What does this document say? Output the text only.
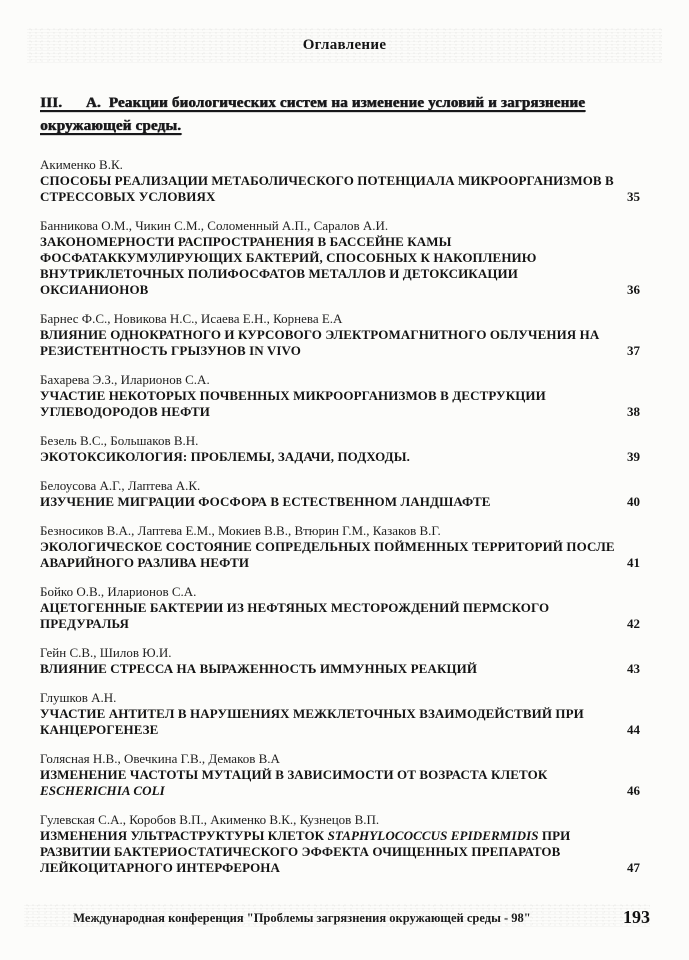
Оглавление
III.      А.  Реакции биологических систем на изменение условий и загрязнение окружающей среды.
Акименко В.К.
СПОСОБЫ РЕАЛИЗАЦИИ МЕТАБОЛИЧЕСКОГО ПОТЕНЦИАЛА МИКРООРГАНИЗМОВ В
СТРЕССОВЫХ УСЛОВИЯХ	35
Банникова О.М., Чикин С.М., Соломенный А.П., Саралов А.И.
ЗАКОНОМЕРНОСТИ РАСПРОСТРАНЕНИЯ В БАССЕЙНЕ КАМЫ
ФОСФАТАККУМУЛИРУЮЩИХ БАКТЕРИЙ, СПОСОБНЫХ К НАКОПЛЕНИЮ
ВНУТРИКЛЕТОЧНЫХ ПОЛИФОСФАТОВ МЕТАЛЛОВ И ДЕТОКСИКАЦИИ
ОКСИАНИОНОВ	36
Барнес Ф.С., Новикова Н.С., Исаева Е.Н., Корнева Е.А
ВЛИЯНИЕ ОДНОКРАТНОГО И КУРСОВОГО ЭЛЕКТРОМАГНИТНОГО ОБЛУЧЕНИЯ НА
РЕЗИСТЕНТНОСТЬ ГРЫЗУНОВ IN VIVO	37
Бахарева Э.З., Иларионов С.А.
УЧАСТИЕ НЕКОТОРЫХ ПОЧВЕННЫХ МИКРООРГАНИЗМОВ В ДЕСТРУКЦИИ
УГЛЕВОДОРОДОВ НЕФТИ	38
Безель В.С., Большаков В.Н.
ЭКОТОКСИКОЛОГИЯ: ПРОБЛЕМЫ, ЗАДАЧИ, ПОДХОДЫ.	39
Белоусова А.Г., Лаптева А.К.
ИЗУЧЕНИЕ МИГРАЦИИ ФОСФОРА В ЕСТЕСТВЕННОМ ЛАНДШАФТЕ	40
Безносиков В.А., Лаптева Е.М., Мокиев В.В., Втюрин Г.М., Казаков В.Г.
ЭКОЛОГИЧЕСКОЕ СОСТОЯНИЕ СОПРЕДЕЛЬНЫХ ПОЙМЕННЫХ ТЕРРИТОРИЙ ПОСЛЕ
АВАРИЙНОГО РАЗЛИВА НЕФТИ	41
Бойко О.В., Иларионов С.А.
АЦЕТОГЕННЫЕ БАКТЕРИИ ИЗ НЕФТЯНЫХ МЕСТОРОЖДЕНИЙ ПЕРМСКОГО
ПРЕДУРАЛЬЯ	42
Гейн С.В., Шилов Ю.И.
ВЛИЯНИЕ СТРЕССА НА ВЫРАЖЕННОСТЬ ИММУННЫХ РЕАКЦИЙ	43
Глушков А.Н.
УЧАСТИЕ АНТИТЕЛ В НАРУШЕНИЯХ МЕЖКЛЕТОЧНЫХ ВЗАИМОДЕЙСТВИЙ ПРИ
КАНЦЕРОГЕНЕЗЕ	44
Голясная Н.В., Овечкина Г.В., Демаков В.А
ИЗМЕНЕНИЕ ЧАСТОТЫ МУТАЦИЙ В ЗАВИСИМОСТИ ОТ ВОЗРАСТА КЛЕТОК
ESCHERICHIA COLI	46
Гулевская С.А., Коробов В.П., Акименко В.К., Кузнецов В.П.
ИЗМЕНЕНИЯ УЛЬТРАСТРУКТУРЫ КЛЕТОК STAPHYLOCOCCUS EPIDERMIDIS ПРИ
РАЗВИТИИ БАКТЕРИОСТАТИЧЕСКОГО ЭФФЕКТА ОЧИЩЕННЫХ ПРЕПАРАТОВ
ЛЕЙКОЦИТАРНОГО ИНТЕРФЕРОНА	47
Международная конференция "Проблемы загрязнения окружающей среды - 98"	193
